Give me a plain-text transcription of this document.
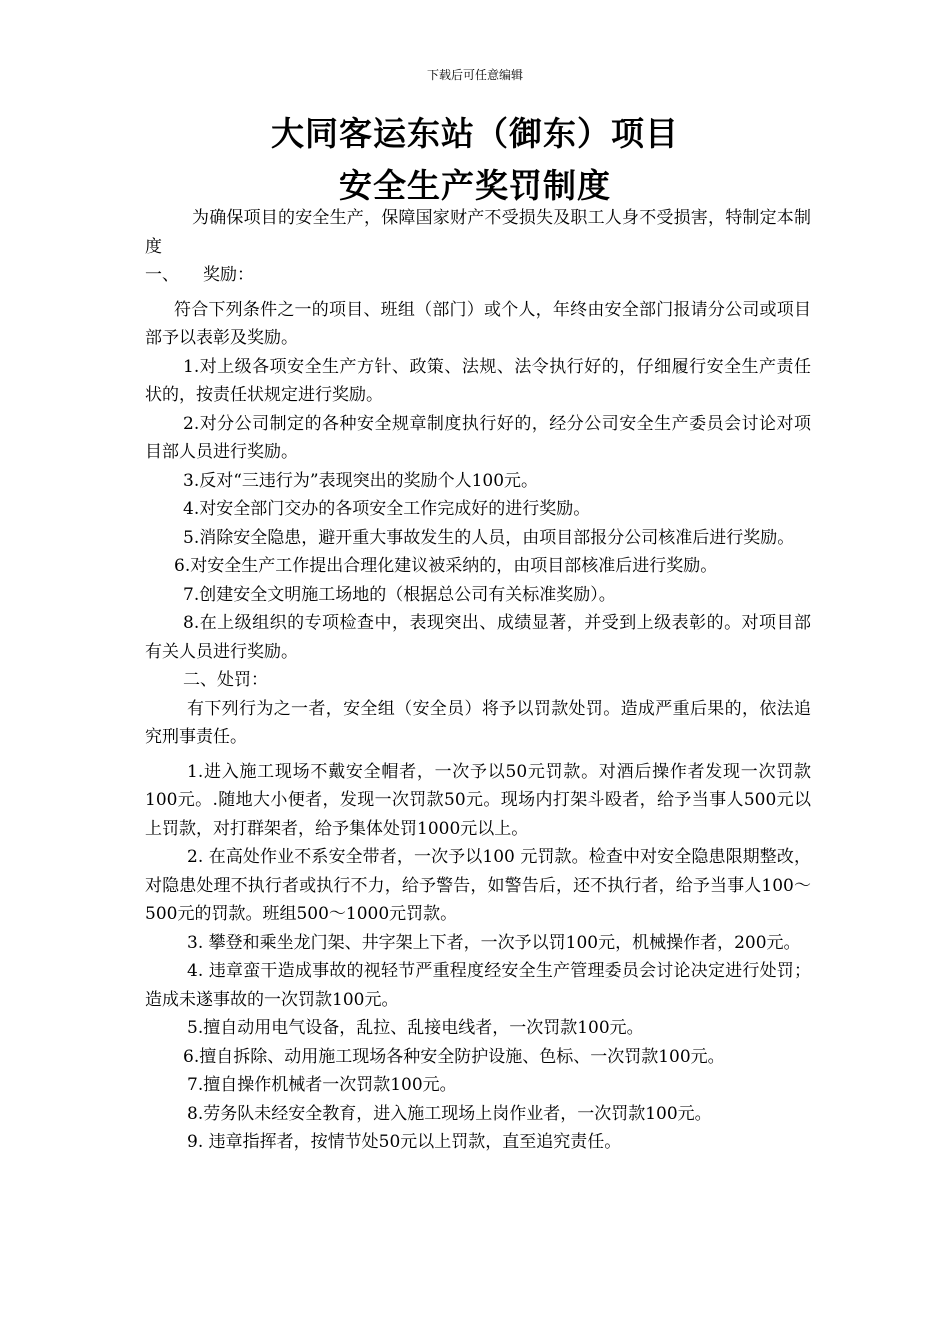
下载后可任意编辑
大同客运东站（御东）项目
安全生产奖罚制度

为确保项目的安全生产，保障国家财产不受损失及职工人身不受损害，特制定本制度

一、 奖励：

符合下列条件之一的项目、班组（部门）或个人，年终由安全部门报请分公司或项目部予以表彰及奖励。

1.对上级各项安全生产方针、政策、法规、法令执行好的，仔细履行安全生产责任状的，按责任状规定进行奖励。

2.对分公司制定的各种安全规章制度执行好的，经分公司安全生产委员会讨论对项目部人员进行奖励。

3.反对“三违行为”表现突出的奖励个人100元。

4.对安全部门交办的各项安全工作完成好的进行奖励。

5.消除安全隐患，避开重大事故发生的人员，由项目部报分公司核准后进行奖励。

6.对安全生产工作提出合理化建议被采纳的，由项目部核准后进行奖励。

7.创建安全文明施工场地的（根据总公司有关标准奖励）。

8.在上级组织的专项检查中，表现突出、成绩显著，并受到上级表彰的。对项目部有关人员进行奖励。

二、处罚：

有下列行为之一者，安全组（安全员）将予以罚款处罚。造成严重后果的，依法追究刑事责任。

1.进入施工现场不戴安全帽者，一次予以50元罚款。对酒后操作者发现一次罚款100元。.随地大小便者，发现一次罚款50元。现场内打架斗殴者，给予当事人500元以上罚款，对打群架者，给予集体处罚1000元以上。

2. 在高处作业不系安全带者，一次予以100 元罚款。检查中对安全隐患限期整改，对隐患处理不执行者或执行不力，给予警告，如警告后，还不执行者，给予当事人100～500元的罚款。班组500～1000元罚款。

3. 攀登和乘坐龙门架、井字架上下者，一次予以罚100元，机械操作者，200元。

4. 违章蛮干造成事故的视轻节严重程度经安全生产管理委员会讨论决定进行处罚；造成未遂事故的一次罚款100元。

5.擅自动用电气设备，乱拉、乱接电线者，一次罚款100元。

6.擅自拆除、动用施工现场各种安全防护设施、色标、一次罚款100元。

7.擅自操作机械者一次罚款100元。

8.劳务队未经安全教育，进入施工现场上岗作业者，一次罚款100元。

9. 违章指挥者，按情节处50元以上罚款，直至追究责任。
